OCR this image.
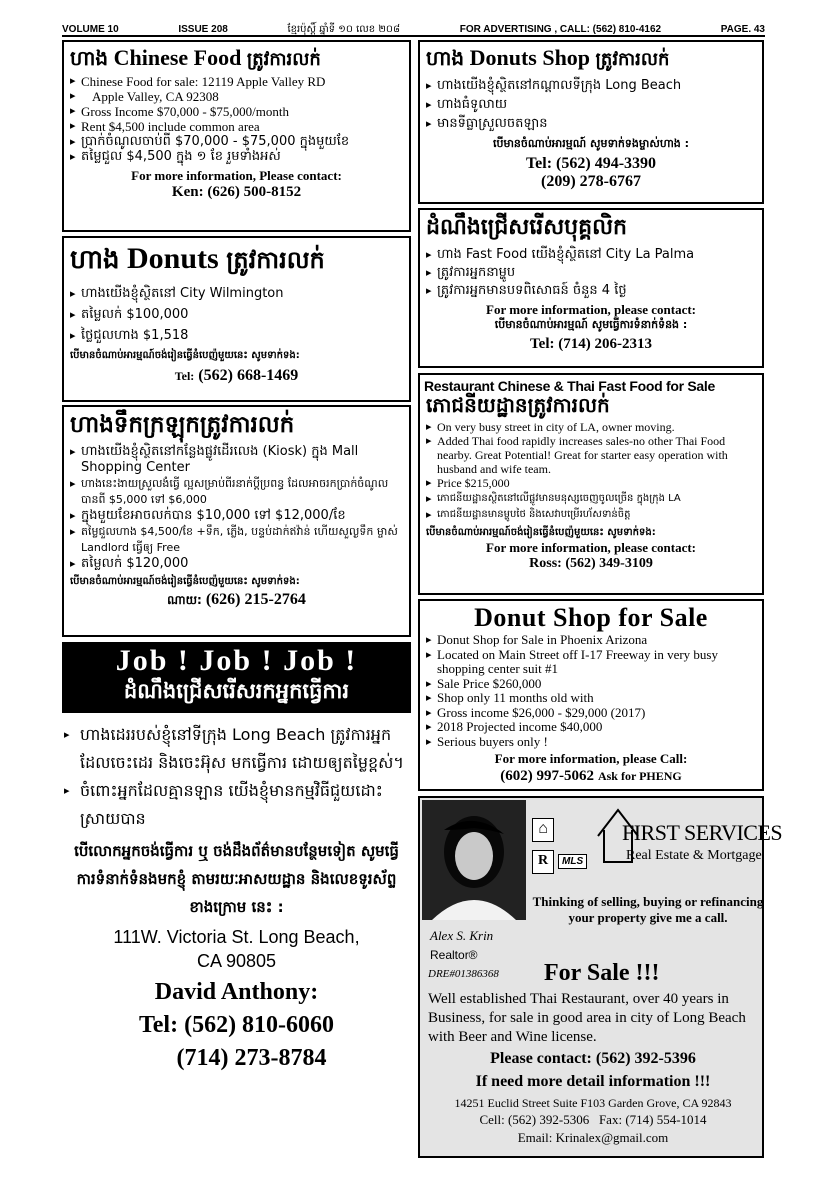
VOLUME 10	ISSUE 208	ខ្មែរប៉ុស្តិ៍ ឆ្នាំទី ១០ លេខ ២០៨	FOR ADVERTISING , CALL: (562) 810-4162	PAGE. 43
ហាង Chinese Food ត្រូវការលក់
▸ Chinese Food for sale: 12119 Apple Valley RD
▸ Apple Valley, CA 92308
▸ Gross Income $70,000 - $75,000/month
▸ Rent $4,500 include common area
▸ ប្រាក់ចំណូលចាប់ពី $70,000 - $75,000 ក្នុងមួយខែ
▸ តម្លៃជួល $4,500 ក្នុង ១ ខែ រួមទាំងអស់
For more information, Please contact:
Ken: (626) 500-8152
ហាង Donuts ត្រូវការលក់
▸ ហាងយើងខ្ញុំស្ថិតនៅ City Wilmington
▸ តម្លៃលក់ $100,000
▸ ថ្លៃជួលហាង $1,518
បើមានចំណាប់អារម្មណ៍ចង់រៀនធ្វើនំបេញ៉មួយនេះ សូមទាក់ទង:
Tel: (562) 668-1469
ហាងទឹកក្រឡុកត្រូវការលក់
▸ ហាងយើងខ្ញុំស្ថិតនៅកន្លែងផ្លូវដើរលេង (Kiosk) ក្នុង Mall Shopping Center
▸ ហាងនេះងាយស្រួលងំធ្វើ ល្អសម្រាប់ពីរនាក់ប្តីប្រពន្ធ ដែលអាចរកប្រាក់ចំណូលបានពី $5,000 ទៅ $6,000
▸ ក្នុងមួយខែអាចលក់បាន $10,000 ទៅ $12,000/ខែ
▸ តម្លៃជួលហាង $4,500/ខែ +ទឹក, ភ្លើង, បន្ទប់ដាក់ឥវ៉ាន់ ហើយសួល្ងទឹក ម្ចាស់ Landlord ធ្វើឲ្យ Free
▸ តម្លៃលក់ $120,000
បើមានចំណាប់អារម្មណ៍ចង់រៀនធ្វើនំបេញ៉មួយនេះ សូមទាក់ទង:
ណាយ: (626) 215-2764
Job ! Job ! Job !
ដំណឹងជ្រើសរើសរកអ្នកធ្វើការ
▸ ហាងដេររបស់ខ្ញុំនៅទីក្រុង Long Beach ត្រូវការអ្នកដែលចេះដេរ និងចេះអ៊ុស មកធ្វើការ ដោយឲ្យតម្លៃខ្ពស់។
▸ ចំពោះអ្នកដែលគ្មានឡាន យើងខ្ញុំមានកម្មវិធីជួយដោះស្រាយបាន
បើលោកអ្នកចង់ធ្វើការ ឬ ចង់ដឹងព័ត៌មានបន្ថែមទៀត សូមធ្វើការទំនាក់ទំនងមកខ្ញុំ តាមរយៈអាសយដ្ឋាន និងលេខទូរស័ព្ទខាងក្រោម នេះ :
111W. Victoria St. Long Beach,
CA 90805
David Anthony:
Tel: (562) 810-6060
(714) 273-8784
ហាង Donuts Shop ត្រូវការលក់
▸ ហាងយើងខ្ញុំស្ថិតនៅកណ្តាលទីក្រុង Long Beach
▸ ហាងធំទូលាយ
▸ មានទីធ្លាស្រួលចតឡាន
បើមានចំណាប់អារម្មណ៍ សូមទាក់ទងម្ចាស់ហាង :
Tel: (562) 494-3390
(209) 278-6767
ដំណឹងជ្រើសរើសបុគ្គលិក
▸ ហាង Fast Food យើងខ្ញុំស្ថិតនៅ City La Palma
▸ ត្រូវការអ្នកនាម្ហូប
▸ ត្រូវការអ្នកមានបទពិសោធន៍ ចំនួន 4 ថ្ងៃ
For more information, please contact:
បើមានចំណាប់អារម្មណ៍ សូមធ្វើការទំនាក់ទំនង :
Tel: (714) 206-2313
Restaurant Chinese & Thai Fast Food for Sale
ភោជនីយដ្ឋានត្រូវការលក់
▸ On very busy street in city of LA, owner moving.
▸ Added Thai food rapidly increases sales-no other Thai Food nearby. Great Potential! Great for starter easy operation with husband and wife team.
▸ Price $215,000
▸ ភោជនីយដ្ឋានស្ថិតនៅលើផ្លូវមានមនុស្សចេញចូលច្រើន ក្នុងក្រុង LA
▸ ភោជនីយដ្ឋានមានម្ហូបថៃ និងសេវាបម្រើរហ័សទាន់ចិត្ត
បើមានចំណាប់អារម្មណ៍ចង់រៀនធ្វើនំបេញ៉មួយនេះ សូមទាក់ទង:
For more information, please contact:
Ross: (562) 349-3109
Donut Shop for Sale
▸ Donut Shop for Sale in Phoenix Arizona
▸ Located on Main Street off I-17 Freeway in very busy shopping center suit #1
▸ Sale Price $260,000
▸ Shop only 11 months old with
▸ Gross income $26,000 - $29,000 (2017)
▸ 2018 Projected income $40,000
▸ Serious buyers only !
For more information, please Call:
(602) 997-5062 Ask for PHENG
⌂
R	MLS
FIRST SERVICES
Real Estate & Mortgage
Thinking of selling, buying or refinancing your property give me a call.
Alex S. Krin
Realtor®
DRE#01386368 For Sale !!!
Well established Thai Restaurant, over 40 years in Business, for sale in good area in city of Long Beach with Beer and Wine license.
Please contact: (562) 392-5396
If need more detail information !!!
14251 Euclid Street Suite F103 Garden Grove, CA 92843
Cell: (562) 392-5306 Fax: (714) 554-1014
Email: Krinalex@gmail.com
